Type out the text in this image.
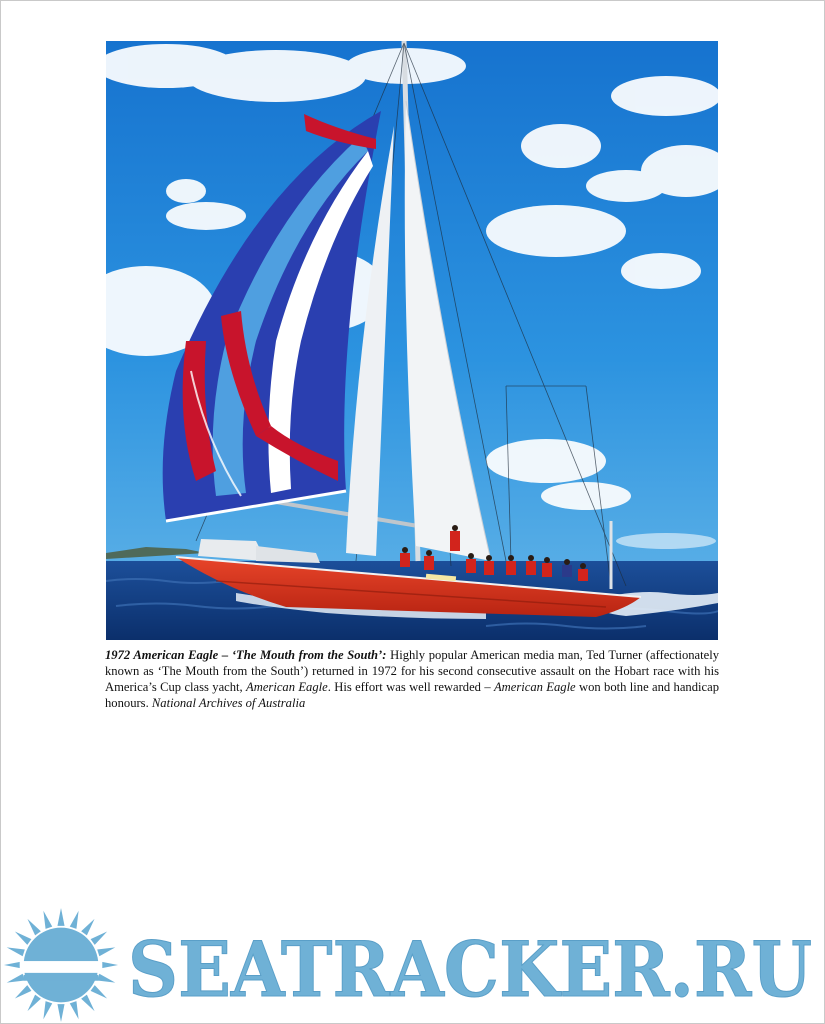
1972 American Eagle – ‘The Mouth from the South’: Highly popular American media man, Ted Turner (affectionately known as ‘The Mouth from the South’) returned in 1972 for his second consecutive assault on the Hobart race with his America’s Cup class yacht, American Eagle. His effort was well rewarded – American Eagle won both line and handicap honours. National Archives of Australia
SEATRACKER.RU
